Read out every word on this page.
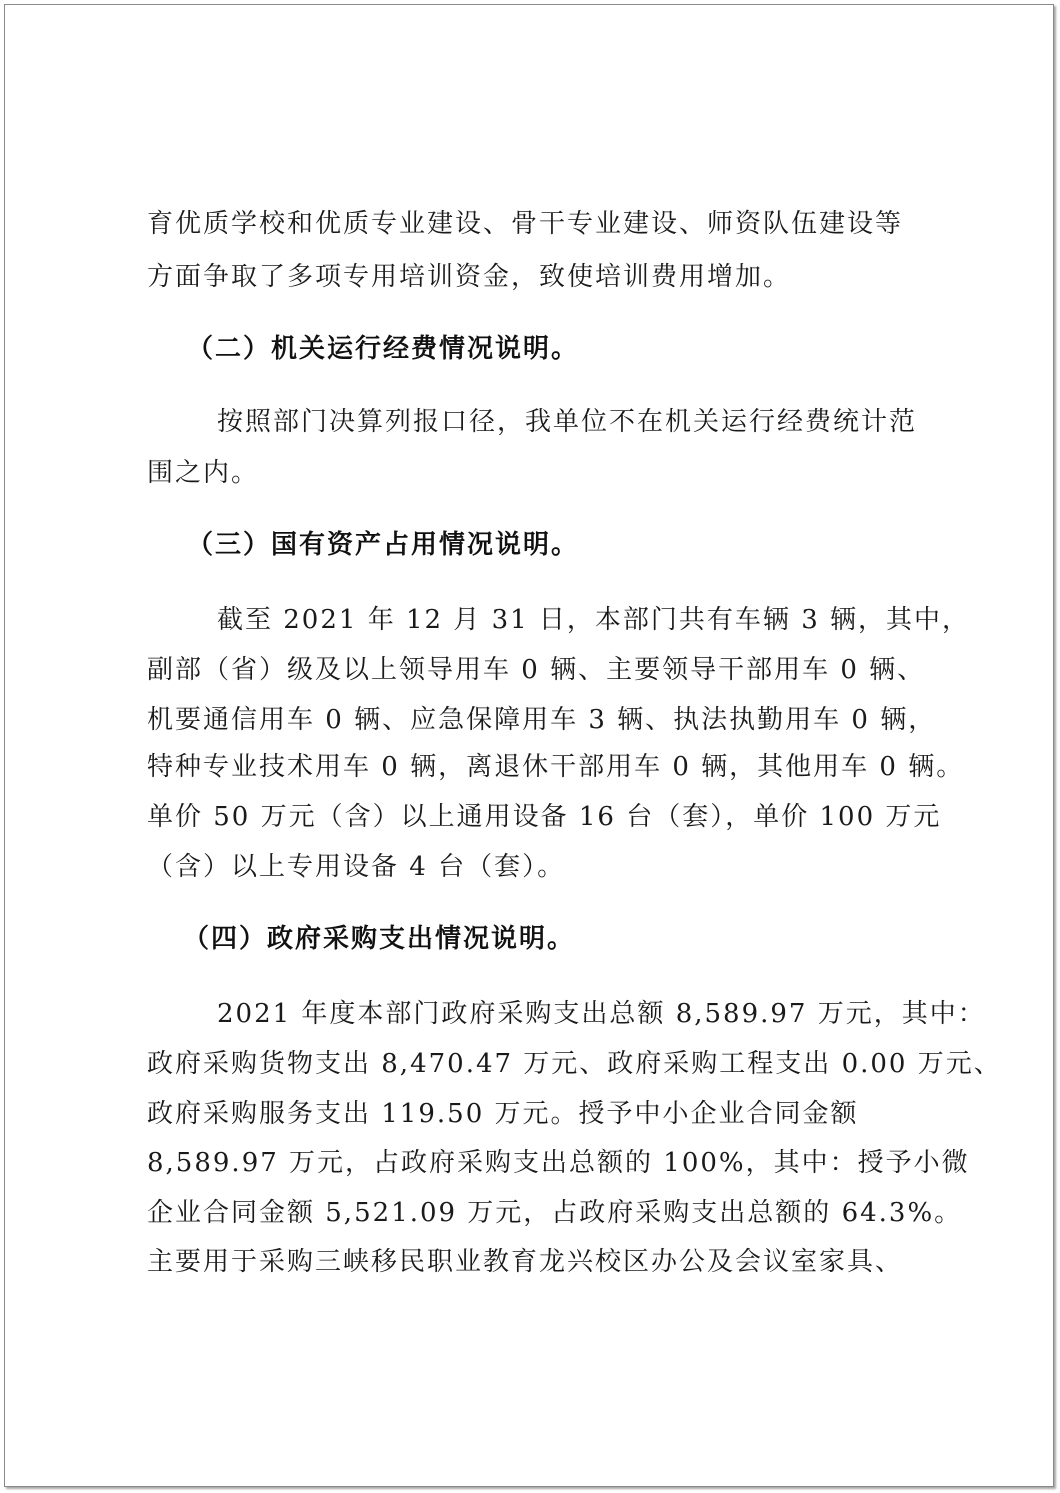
育优质学校和优质专业建设、骨干专业建设、师资队伍建设等
方面争取了多项专用培训资金，致使培训费用增加。
（二）机关运行经费情况说明。
按照部门决算列报口径，我单位不在机关运行经费统计范
围之内。
（三）国有资产占用情况说明。
截至 2021 年 12 月 31 日，本部门共有车辆 3 辆，其中，
副部（省）级及以上领导用车 0 辆、主要领导干部用车 0 辆、
机要通信用车 0 辆、应急保障用车 3 辆、执法执勤用车 0 辆，
特种专业技术用车 0 辆，离退休干部用车 0 辆，其他用车 0 辆。
单价 50 万元（含）以上通用设备 16 台（套），单价 100 万元
（含）以上专用设备 4 台（套）。
（四）政府采购支出情况说明。
2021 年度本部门政府采购支出总额 8,589.97 万元，其中：
政府采购货物支出 8,470.47 万元、政府采购工程支出 0.00 万元、
政府采购服务支出 119.50 万元。授予中小企业合同金额
8,589.97 万元，占政府采购支出总额的 100%，其中：授予小微
企业合同金额 5,521.09 万元，占政府采购支出总额的 64.3%。
主要用于采购三峡移民职业教育龙兴校区办公及会议室家具、
